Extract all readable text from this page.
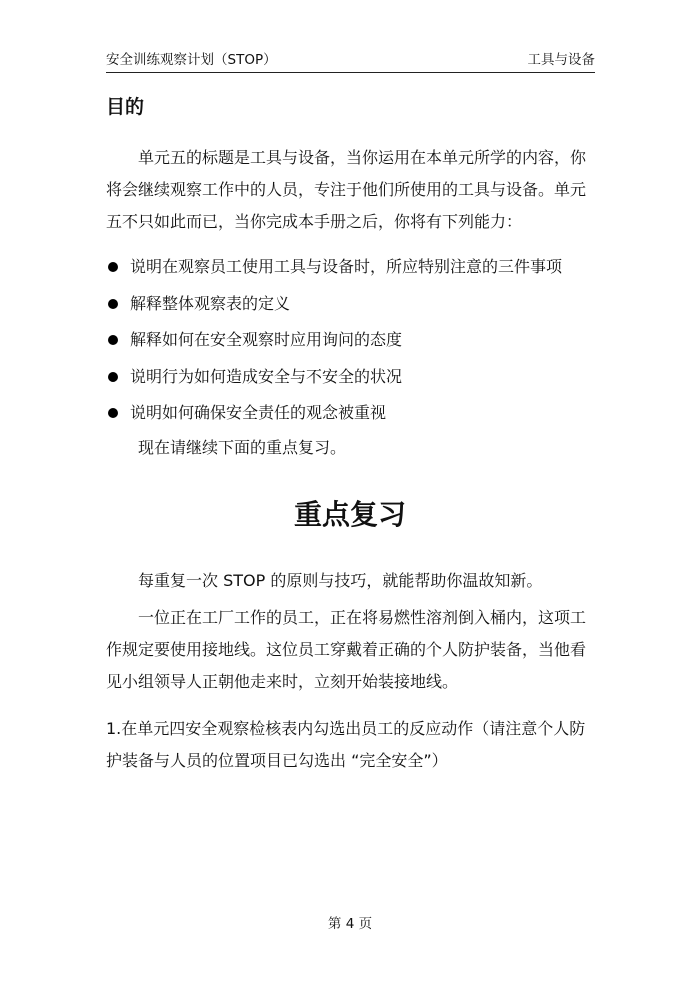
安全训练观察计划（STOP）	工具与设备
目的

单元五的标题是工具与设备，当你运用在本单元所学的内容，你将会继续观察工作中的人员，专注于他们所使用的工具与设备。单元五不只如此而已，当你完成本手册之后，你将有下列能力：

说明在观察员工使用工具与设备时，所应特别注意的三件事项
解释整体观察表的定义
解释如何在安全观察时应用询问的态度
说明行为如何造成安全与不安全的状况
说明如何确保安全责任的观念被重视

现在请继续下面的重点复习。

重点复习

每重复一次 STOP 的原则与技巧，就能帮助你温故知新。

一位正在工厂工作的员工，正在将易燃性溶剂倒入桶内，这项工作规定要使用接地线。这位员工穿戴着正确的个人防护装备，当他看见小组领导人正朝他走来时，立刻开始装接地线。

1.在单元四安全观察检核表内勾选出员工的反应动作（请注意个人防护装备与人员的位置项目已勾选出 “完全安全”）

第 4 页
